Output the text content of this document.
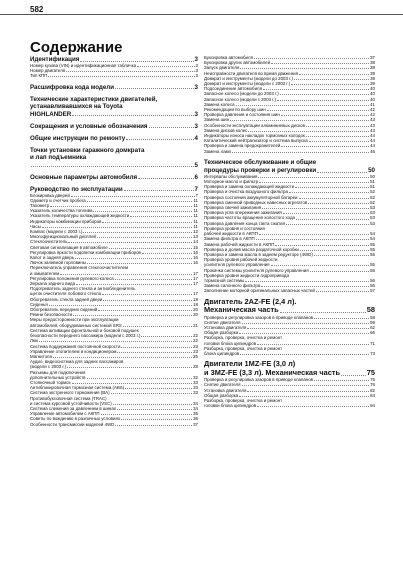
582
Содержание
Идентификация	3
Номер кузова (VIN) и идентификационная табличка	3
Номер двигателя	3
Тип КПП	3
Расшифровка кода модели	3
Технические характеристики двигателей,
устанавливавшихся на Toyota
HIGHLANDER	3
Сокращения и условные обозначения	3
Общие инструкции по ремонту	4
Точки установки гаражного домкрата
и лап подъемника
5
Основные параметры автомобиля	6
Руководство по эксплуатации	7
Блокировка дверей	7
Одометр и счетчик пробега	11
Тахометр	11
Указатель количества топлива	11
Указатель температуры охлаждающей жидкости	11
Индикаторы комбинации приборов	11
Часы	11
Компас (модели с 2003 г.)	12
Многофункциональный дисплей	13
Стеклоочиститель	14
Световая сигнализация в автомобиле	15
Регулировка яркости подсветки комбинации приборов	16
Капот и задняя дверь	16
Лючок заливной горловины	16
Переключатель управления стеклоочистителем
и омывателем	17
Регулировка положения рулевого колеса	17
Зеркала заднего вида	17
Подогреватель заднего стекла и антиобледенитель
щеток очистителя лобового стекла	17
Обогреватель стекла задней двери	18
Сиденья	18
Обогреватель передних сидений	20
Ремни безопасности	20
Меры предосторожности при эксплуатации
автомобилей, оборудованных системой SRS	21
Система активации фронтальной и боковой подушек
безопасности переднего пассажира (модели с 2003 г.)	22
Люк	22
Система поддержания постоянной скорости	23
Управление отопителем и кондиционером	23
Магнитола	25
Аудио, видеосистема для задних пассажиров
(модели с 2003 г.)	28
Разъемы для подключения
дополнительных устройств	32
Стояночный тормоз	33
Антиблокировочная тормозная система (ABS)	33
Система экстренного торможения (BA)	33
Противобуксовочная система (TRAC)
и система курсовой устойчивости (VSC)	34
Система слежения за давлением в шинах	34
Управление автомобилем с АКПП	35
Советы по вождению в различных условиях	36
Особенности трансмиссии моделей 4WD	37
Буксировка автомобиля	37
Буксировка других автомобилей	38
Запуск двигателя	38
Неисправности двигателя во время движения	39
Домкрат и инструменты (модели до 2003 г.)	39
Домкрат и инструменты (модели с 2003 г.)	39
Подсоединение автомобиля	40
Запасное колесо (модели до 2003 г.)	40
Запасное колесо (модели с 2003 г.)	40
Замена колеса	41
Рекомендации по выбору шин	42
Проверка давления и состояния шин	42
Замена шин	43
Особенности эксплуатации алюминиевых дисков	43
Замена дисков колес	43
Индикаторы износа накладок тормозных колодок	44
Каталитический нейтрализатор и система выпуска	44
Проверка и замена предохранителей	44
Замена ламп	46
Техническое обслуживание и общие
процедуры проверки и регулировки	50
Интервалы обслуживания	50
Моторное масло и фильтр	51
Проверка и замена охлаждающей жидкости	51
Проверка и очистка воздушного фильтра	52
Проверка состояния аккумуляторной батареи	52
Проверка сменной приводных навесных агрегатов	52
Проверка свечей зажигания	53
Проверка угла опережения зажигания	53
Проверка частоты вращения холостого хода	53
Проверка давления конца такта сжатия	53
Проверка уровня и состояния
рабочей жидкости в АКПП	54
Замена фильтра в АКПП	54
Замена рабочей жидкости в АКПП	55
Проверка и долив масла раздаточной коробки	55
Проверка и замена масла в заднем редукторе (4WD)	55
Проверка уровня рабочей жидкости
усилителя рулевого управления	55
Прокачка системы усилителя рулевого управления	55
Проверка уровня жидкости гидропривода
тормозной системы	56
Замена салонного фильтра	56
Заполнение моторной оригинальных запасных частей	57
Двигатель 2AZ-FE (2,4 л).
Механическая часть	58
Проверка и регулировка зазоров в приводе клапанов	58
Снятие двигателя	59
Установка двигателя	62
Общая разборка	66
Разборка, проверка, очистка и ремонт
головки блока цилиндров	71
Разборка, проверка, очистка и ремонт
блока цилиндров	73
Двигатели 1MZ-FE (3,0 л)
и 3MZ-FE (3,3 л). Механическая часть	75
Проверка и регулировка зазоров в приводе клапанов	75
Снятие двигателя	76
Установка двигателя	82
Общая разборка	84
Разборка, проверка, очистка и ремонт
головки блока цилиндров	94
